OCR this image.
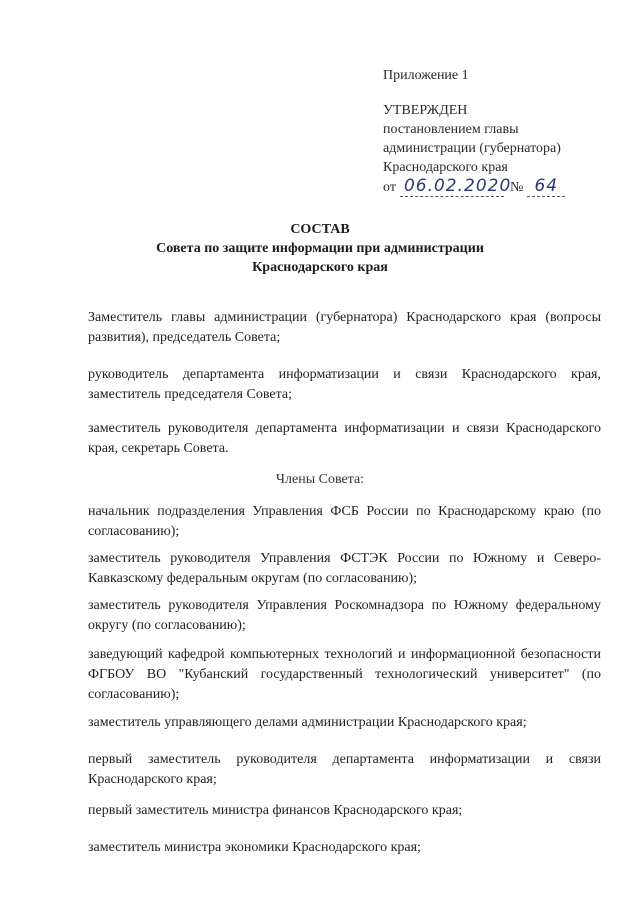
Приложение 1
УТВЕРЖДЕН
постановлением главы
администрации (губернатора)
Краснодарского края
от 06.02.2020
№ 64
СОСТАВ
Совета по защите информации при администрации
Краснодарского края
Заместитель главы администрации (губернатора) Краснодарского края (вопросы развития), председатель Совета;
руководитель департамента информатизации и связи Краснодарского края, заместитель председателя Совета;
заместитель руководителя департамента информатизации и связи Краснодарского края, секретарь Совета.
Члены Совета:
начальник подразделения Управления ФСБ России по Краснодарскому краю (по согласованию);
заместитель руководителя Управления ФСТЭК России по Южному и Северо-Кавказскому федеральным округам (по согласованию);
заместитель руководителя Управления Роскомнадзора по Южному федеральному округу (по согласованию);
заведующий кафедрой компьютерных технологий и информационной безопасности ФГБОУ ВО "Кубанский государственный технологический университет" (по согласованию);
заместитель управляющего делами администрации Краснодарского края;
первый заместитель руководителя департамента информатизации и связи Краснодарского края;
первый заместитель министра финансов Краснодарского края;
заместитель министра экономики Краснодарского края;
